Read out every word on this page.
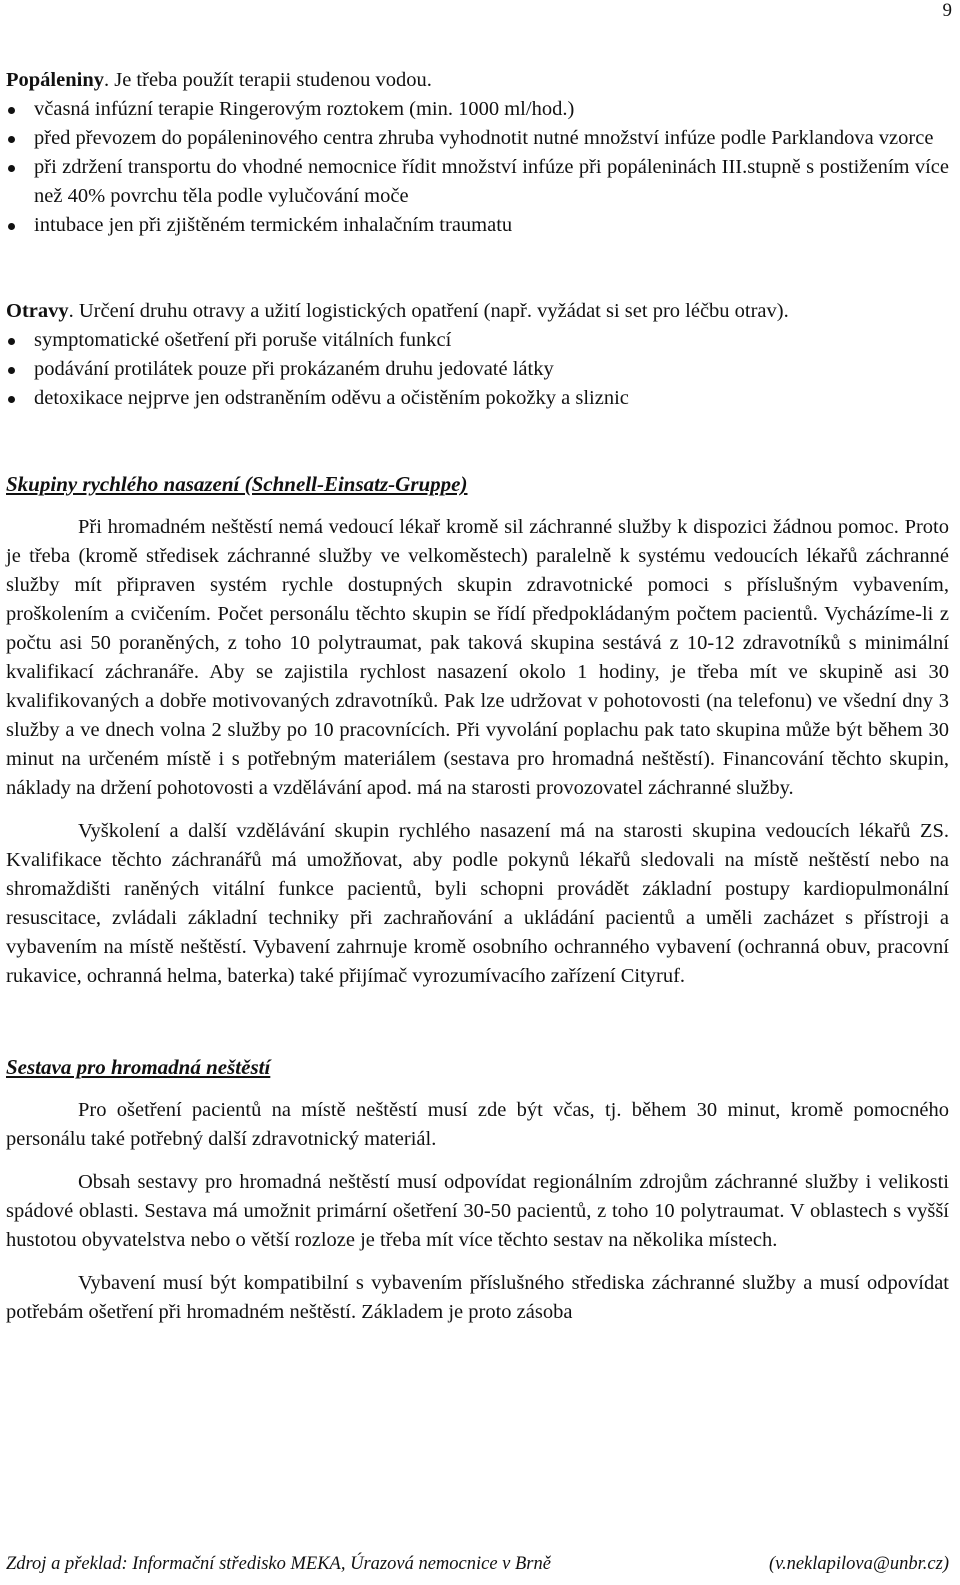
9

Popáleniny. Je třeba použít terapii studenou vodou.

včasná infúzní terapie Ringerovým roztokem (min. 1000 ml/hod.)
před převozem do popáleninového centra zhruba vyhodnotit nutné množství infúze podle Parklandova vzorce
při zdržení transportu do vhodné nemocnice řídit množství infúze při popáleninách III.stupně s postižením více než 40% povrchu těla podle vylučování moče
intubace jen při zjištěném termickém inhalačním traumatu

Otravy. Určení druhu otravy a užití logistických opatření (např. vyžádat si set pro léčbu otrav).

symptomatické ošetření při poruše vitálních funkcí
podávání protilátek pouze při prokázaném druhu jedovaté látky
detoxikace nejprve jen odstraněním oděvu a očistěním pokožky a sliznic
Skupiny rychlého nasazení (Schnell-Einsatz-Gruppe)

Při hromadném neštěstí nemá vedoucí lékař kromě sil záchranné služby k dispozici žádnou pomoc. Proto je třeba (kromě středisek záchranné služby ve velkoměstech) paralelně k systému vedoucích lékařů záchranné služby mít připraven systém rychle dostupných skupin zdravotnické pomoci s příslušným vybavením, proškolením a cvičením. Počet personálu těchto skupin se řídí předpokládaným počtem pacientů. Vycházíme-li z počtu asi 50 poraněných, z toho 10 polytraumat, pak taková skupina sestává z 10-12 zdravotníků s minimální kvalifikací záchranáře. Aby se zajistila rychlost nasazení okolo 1 hodiny, je třeba mít ve skupině asi 30 kvalifikovaných a dobře motivovaných zdravotníků. Pak lze udržovat v pohotovosti (na telefonu) ve všední dny 3 služby a ve dnech volna 2 služby po 10 pracovnících. Při vyvolání poplachu pak tato skupina může být během 30 minut na určeném místě i s potřebným materiálem (sestava pro hromadná neštěstí). Financování těchto skupin, náklady na držení pohotovosti a vzdělávání apod. má na starosti provozovatel záchranné služby.

Vyškolení a další vzdělávání skupin rychlého nasazení má na starosti skupina vedoucích lékařů ZS. Kvalifikace těchto záchranářů má umožňovat, aby podle pokynů lékařů sledovali na místě neštěstí nebo na shromaždišti raněných vitální funkce pacientů, byli schopni provádět základní postupy kardiopulmonální resuscitace, zvládali základní techniky při zachraňování a ukládání pacientů a uměli zacházet s přístroji a vybavením na místě neštěstí. Vybavení zahrnuje kromě osobního ochranného vybavení (ochranná obuv, pracovní rukavice, ochranná helma, baterka) také přijímač vyrozumívacího zařízení Cityruf.

Sestava pro hromadná neštěstí

Pro ošetření pacientů na místě neštěstí musí zde být včas, tj. během 30 minut, kromě pomocného personálu také potřebný další zdravotnický materiál.

Obsah sestavy pro hromadná neštěstí musí odpovídat regionálním zdrojům záchranné služby i velikosti spádové oblasti. Sestava má umožnit primární ošetření 30-50 pacientů, z toho 10 polytraumat. V oblastech s vyšší hustotou obyvatelstva nebo o větší rozloze je třeba mít více těchto sestav na několika místech.

Vybavení musí být kompatibilní s vybavením příslušného střediska záchranné služby a musí odpovídat potřebám ošetření při hromadném neštěstí. Základem je proto zásoba

Zdroj a překlad: Informační středisko MEKA, Úrazová nemocnice v Brně	(v.neklapilova@unbr.cz)
